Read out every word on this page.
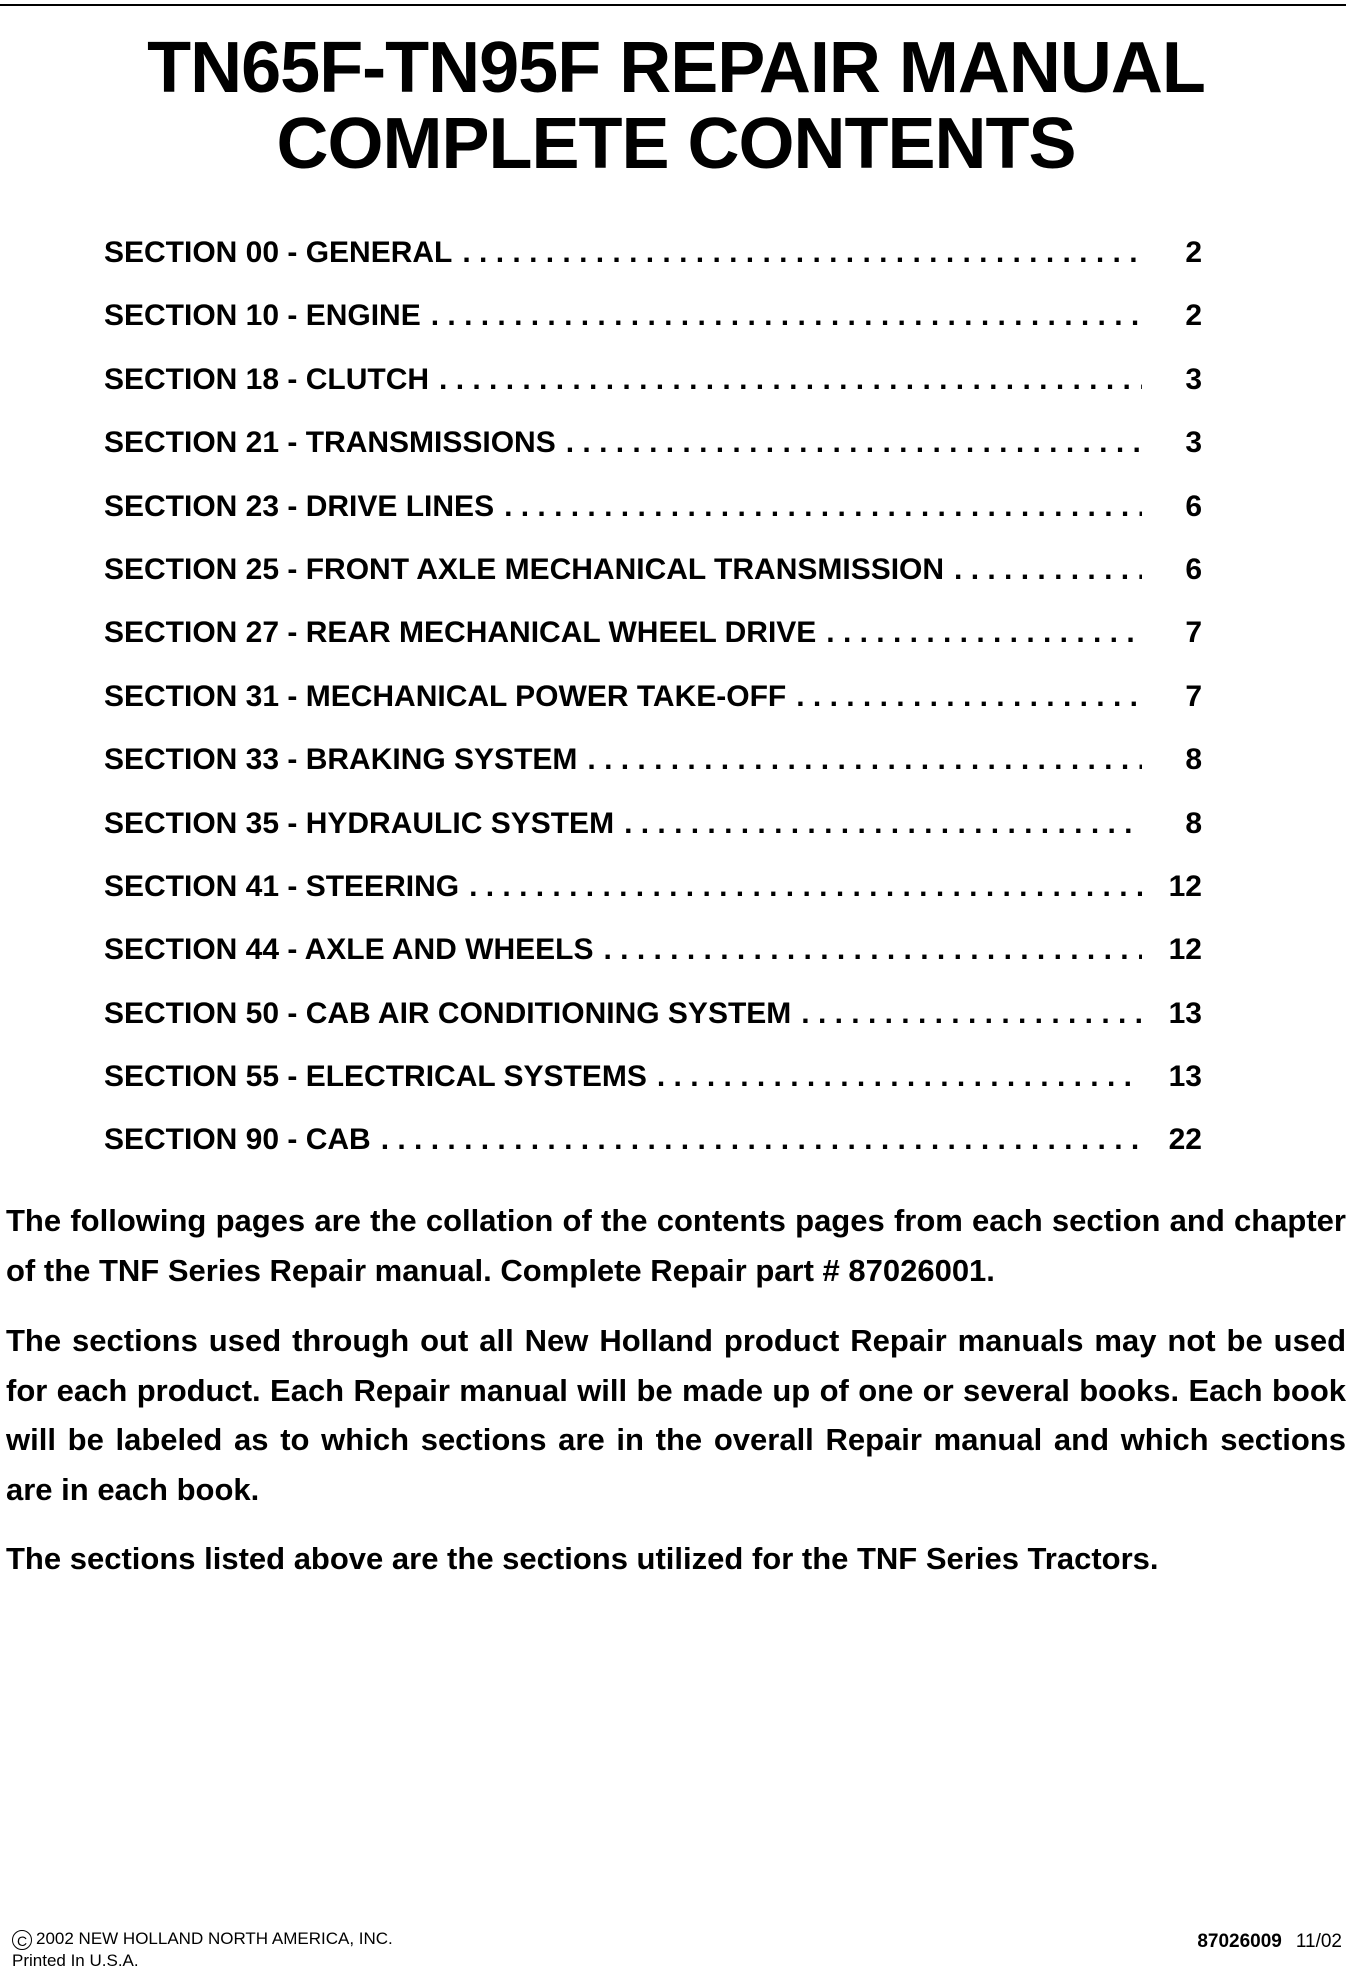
TN65F-TN95F REPAIR MANUAL
COMPLETE CONTENTS
SECTION 00 - GENERAL . . .	2
SECTION 10 - ENGINE . . .	2
SECTION 18 - CLUTCH . . .	3
SECTION 21 - TRANSMISSIONS . . .	3
SECTION 23 - DRIVE LINES . . .	6
SECTION 25 - FRONT AXLE MECHANICAL TRANSMISSION . . .	6
SECTION 27 - REAR MECHANICAL WHEEL DRIVE . . .	7
SECTION 31 - MECHANICAL POWER TAKE-OFF . . .	7
SECTION 33 - BRAKING SYSTEM . . .	8
SECTION 35 - HYDRAULIC SYSTEM . . .	8
SECTION 41 - STEERING . . .	12
SECTION 44 - AXLE AND WHEELS . . .	12
SECTION 50 - CAB AIR CONDITIONING SYSTEM . . .	13
SECTION 55 - ELECTRICAL SYSTEMS . . .	13
SECTION 90 - CAB . . .	22
The following pages are the collation of the contents pages from each section and chapter of the TNF Series Repair manual. Complete Repair part # 87026001.
The sections used through out all New Holland product Repair manuals may not be used for each product. Each Repair manual will be made up of one or several books. Each book will be labeled as to which sections are in the overall Repair manual and which sections are in each book.
The sections listed above are the sections utilized for the TNF Series Tractors.
C 2002 NEW HOLLAND NORTH AMERICA, INC.
Printed In U.S.A.
87026009 11/02
